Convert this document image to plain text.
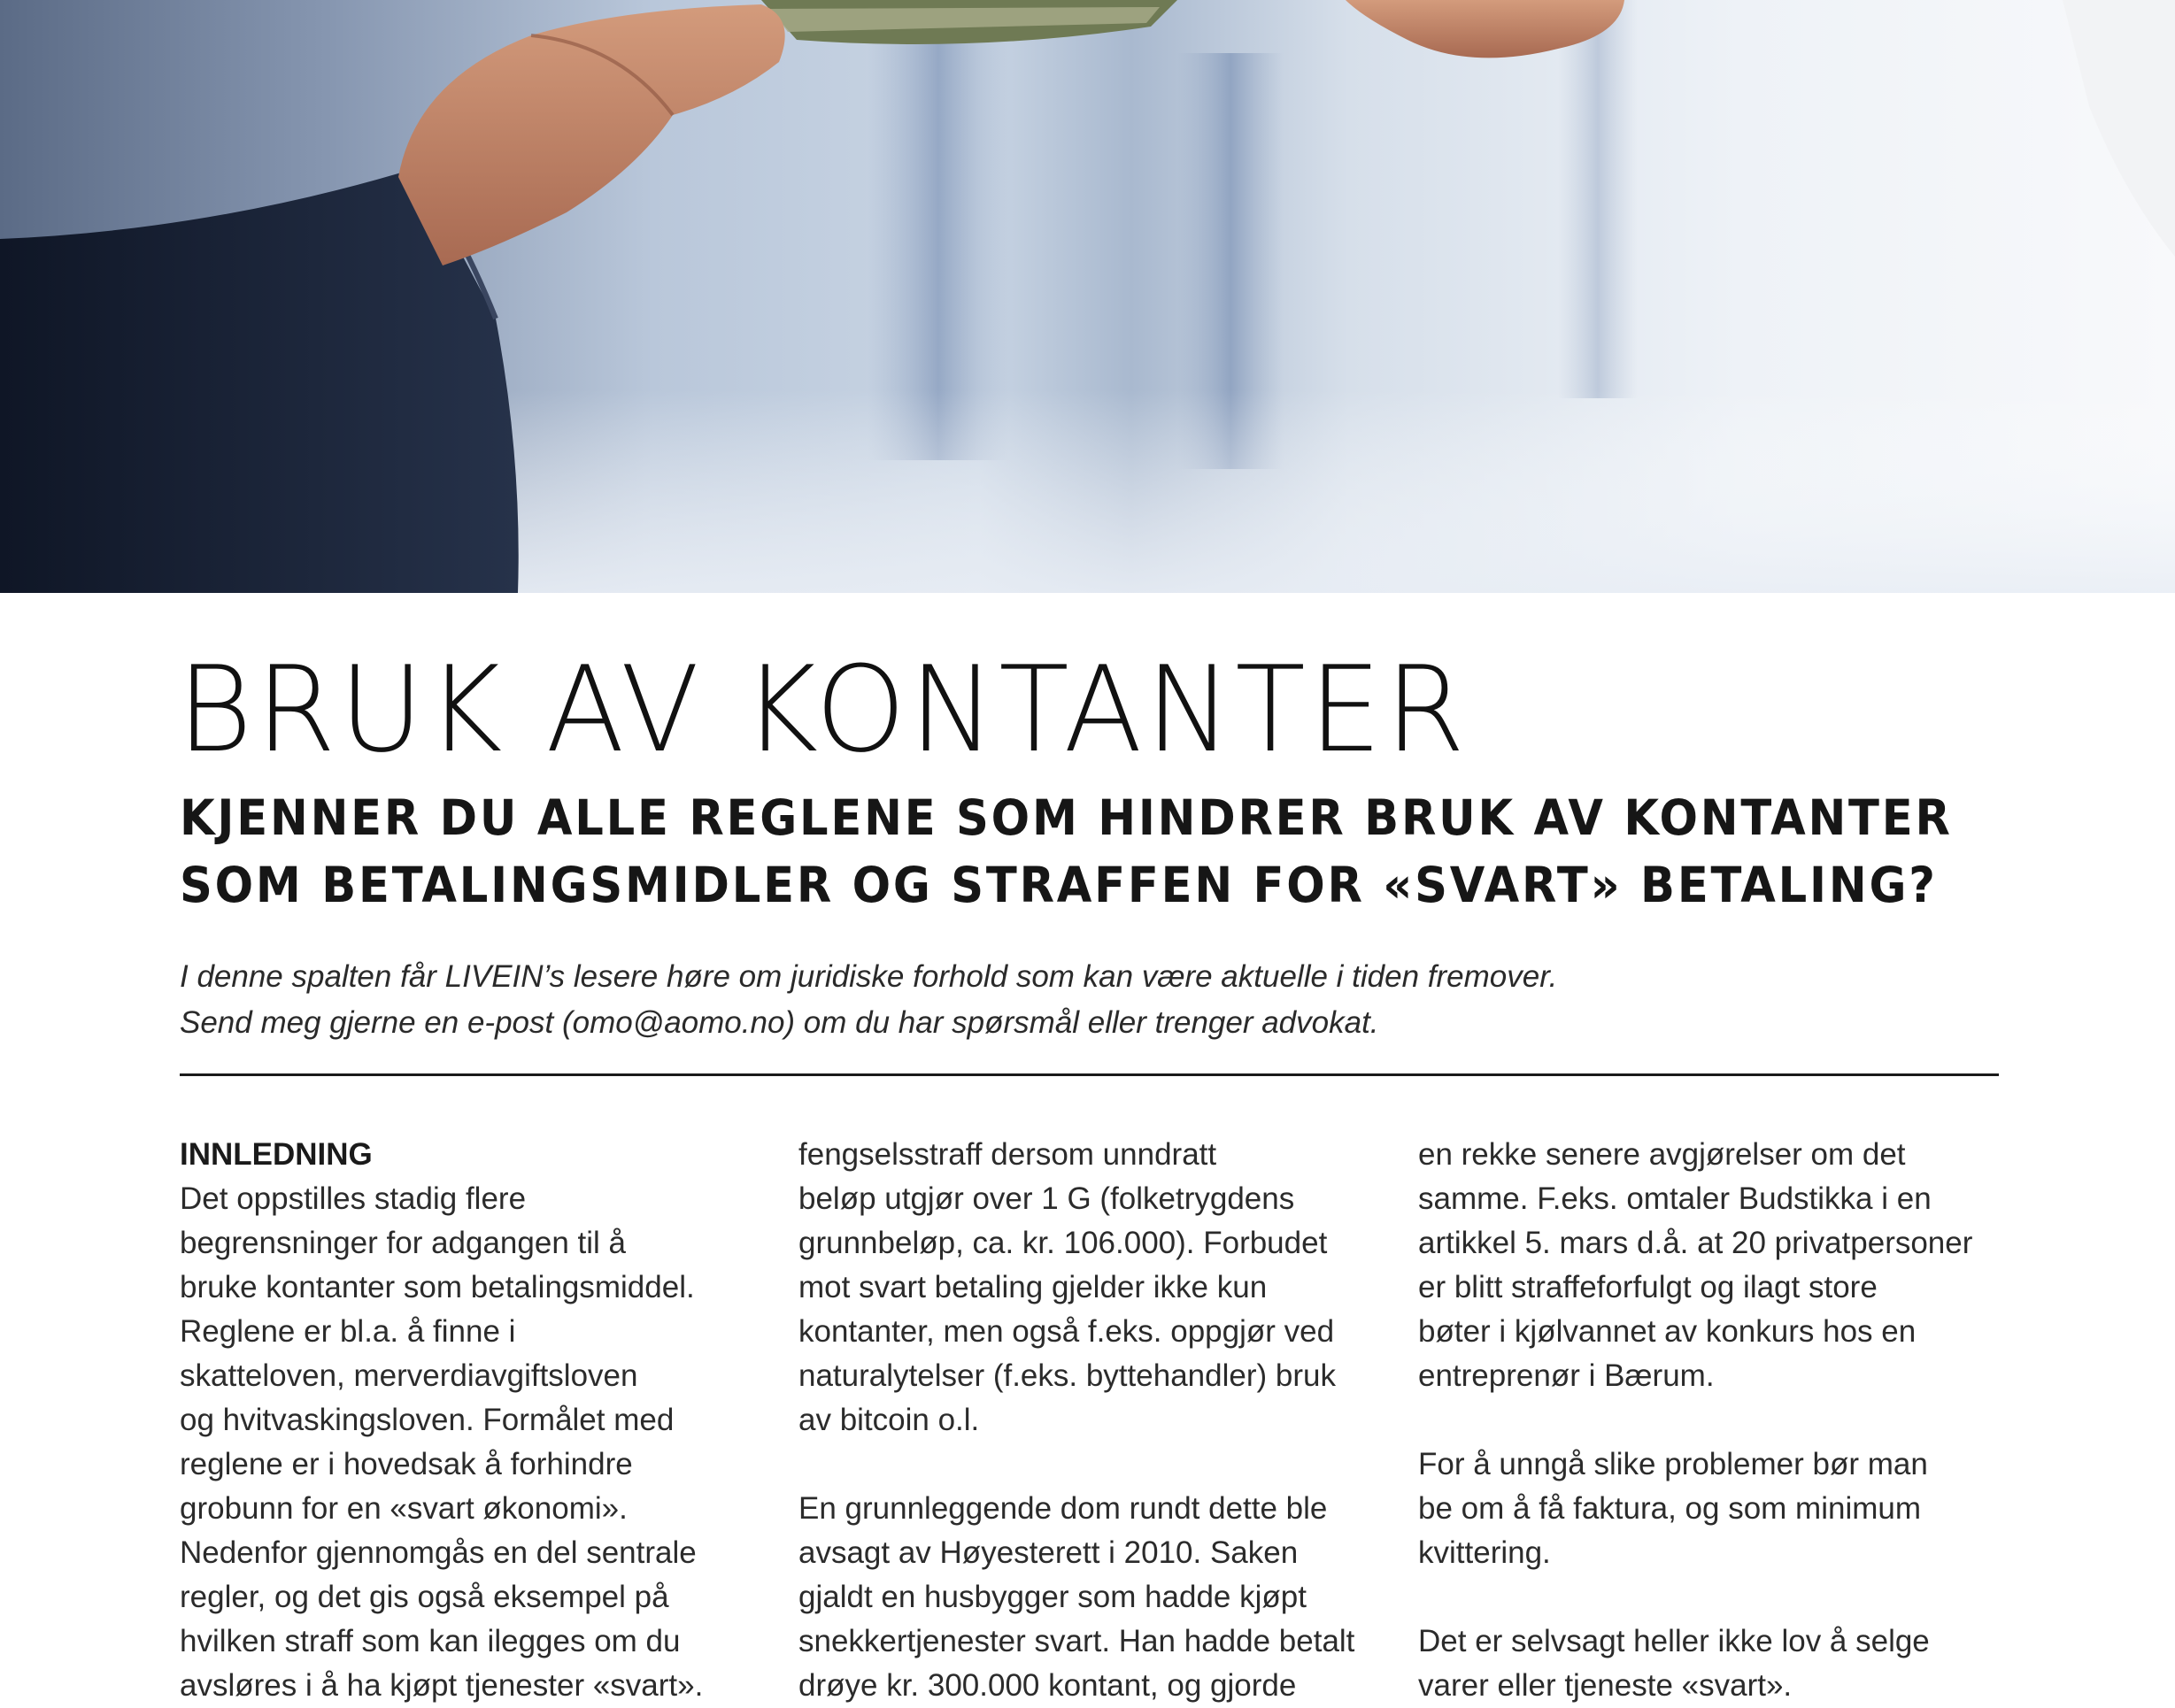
BRUK AV KONTANTER
KJENNER DU ALLE REGLENE SOM HINDRER BRUK AV KONTANTER
SOM BETALINGSMIDLER OG STRAFFEN FOR «SVART» BETALING?

I denne spalten får LIVEIN’s lesere høre om juridiske forhold som kan være aktuelle i tiden fremover.
Send meg gjerne en e-post (omo@aomo.no) om du har spørsmål eller trenger advokat.

INNLEDNING
Det oppstilles stadig flere
begrensninger for adgangen til å
bruke kontanter som betalingsmiddel.
Reglene er bl.a. å finne i
skatteloven, merverdiavgiftsloven
og hvitvaskingsloven. Formålet med
reglene er i hovedsak å forhindre
grobunn for en «svart økonomi».
Nedenfor gjennomgås en del sentrale
regler, og det gis også eksempel på
hvilken straff som kan ilegges om du
avsløres i å ha kjøpt tjenester «svart».
fengselsstraff dersom unndratt
beløp utgjør over 1 G (folketrygdens
grunnbeløp, ca. kr. 106.000). Forbudet
mot svart betaling gjelder ikke kun
kontanter, men også f.eks. oppgjør ved
naturalytelser (f.eks. byttehandler) bruk
av bitcoin o.l.
En grunnleggende dom rundt dette ble
avsagt av Høyesterett i 2010. Saken
gjaldt en husbygger som hadde kjøpt
snekkertjenester svart. Han hadde betalt
drøye kr. 300.000 kontant, og gjorde
en rekke senere avgjørelser om det
samme. F.eks. omtaler Budstikka i en
artikkel 5. mars d.å. at 20 privatpersoner
er blitt straffeforfulgt og ilagt store
bøter i kjølvannet av konkurs hos en
entreprenør i Bærum.
For å unngå slike problemer bør man
be om å få faktura, og som minimum
kvittering.
Det er selvsagt heller ikke lov å selge
varer eller tjeneste «svart».
